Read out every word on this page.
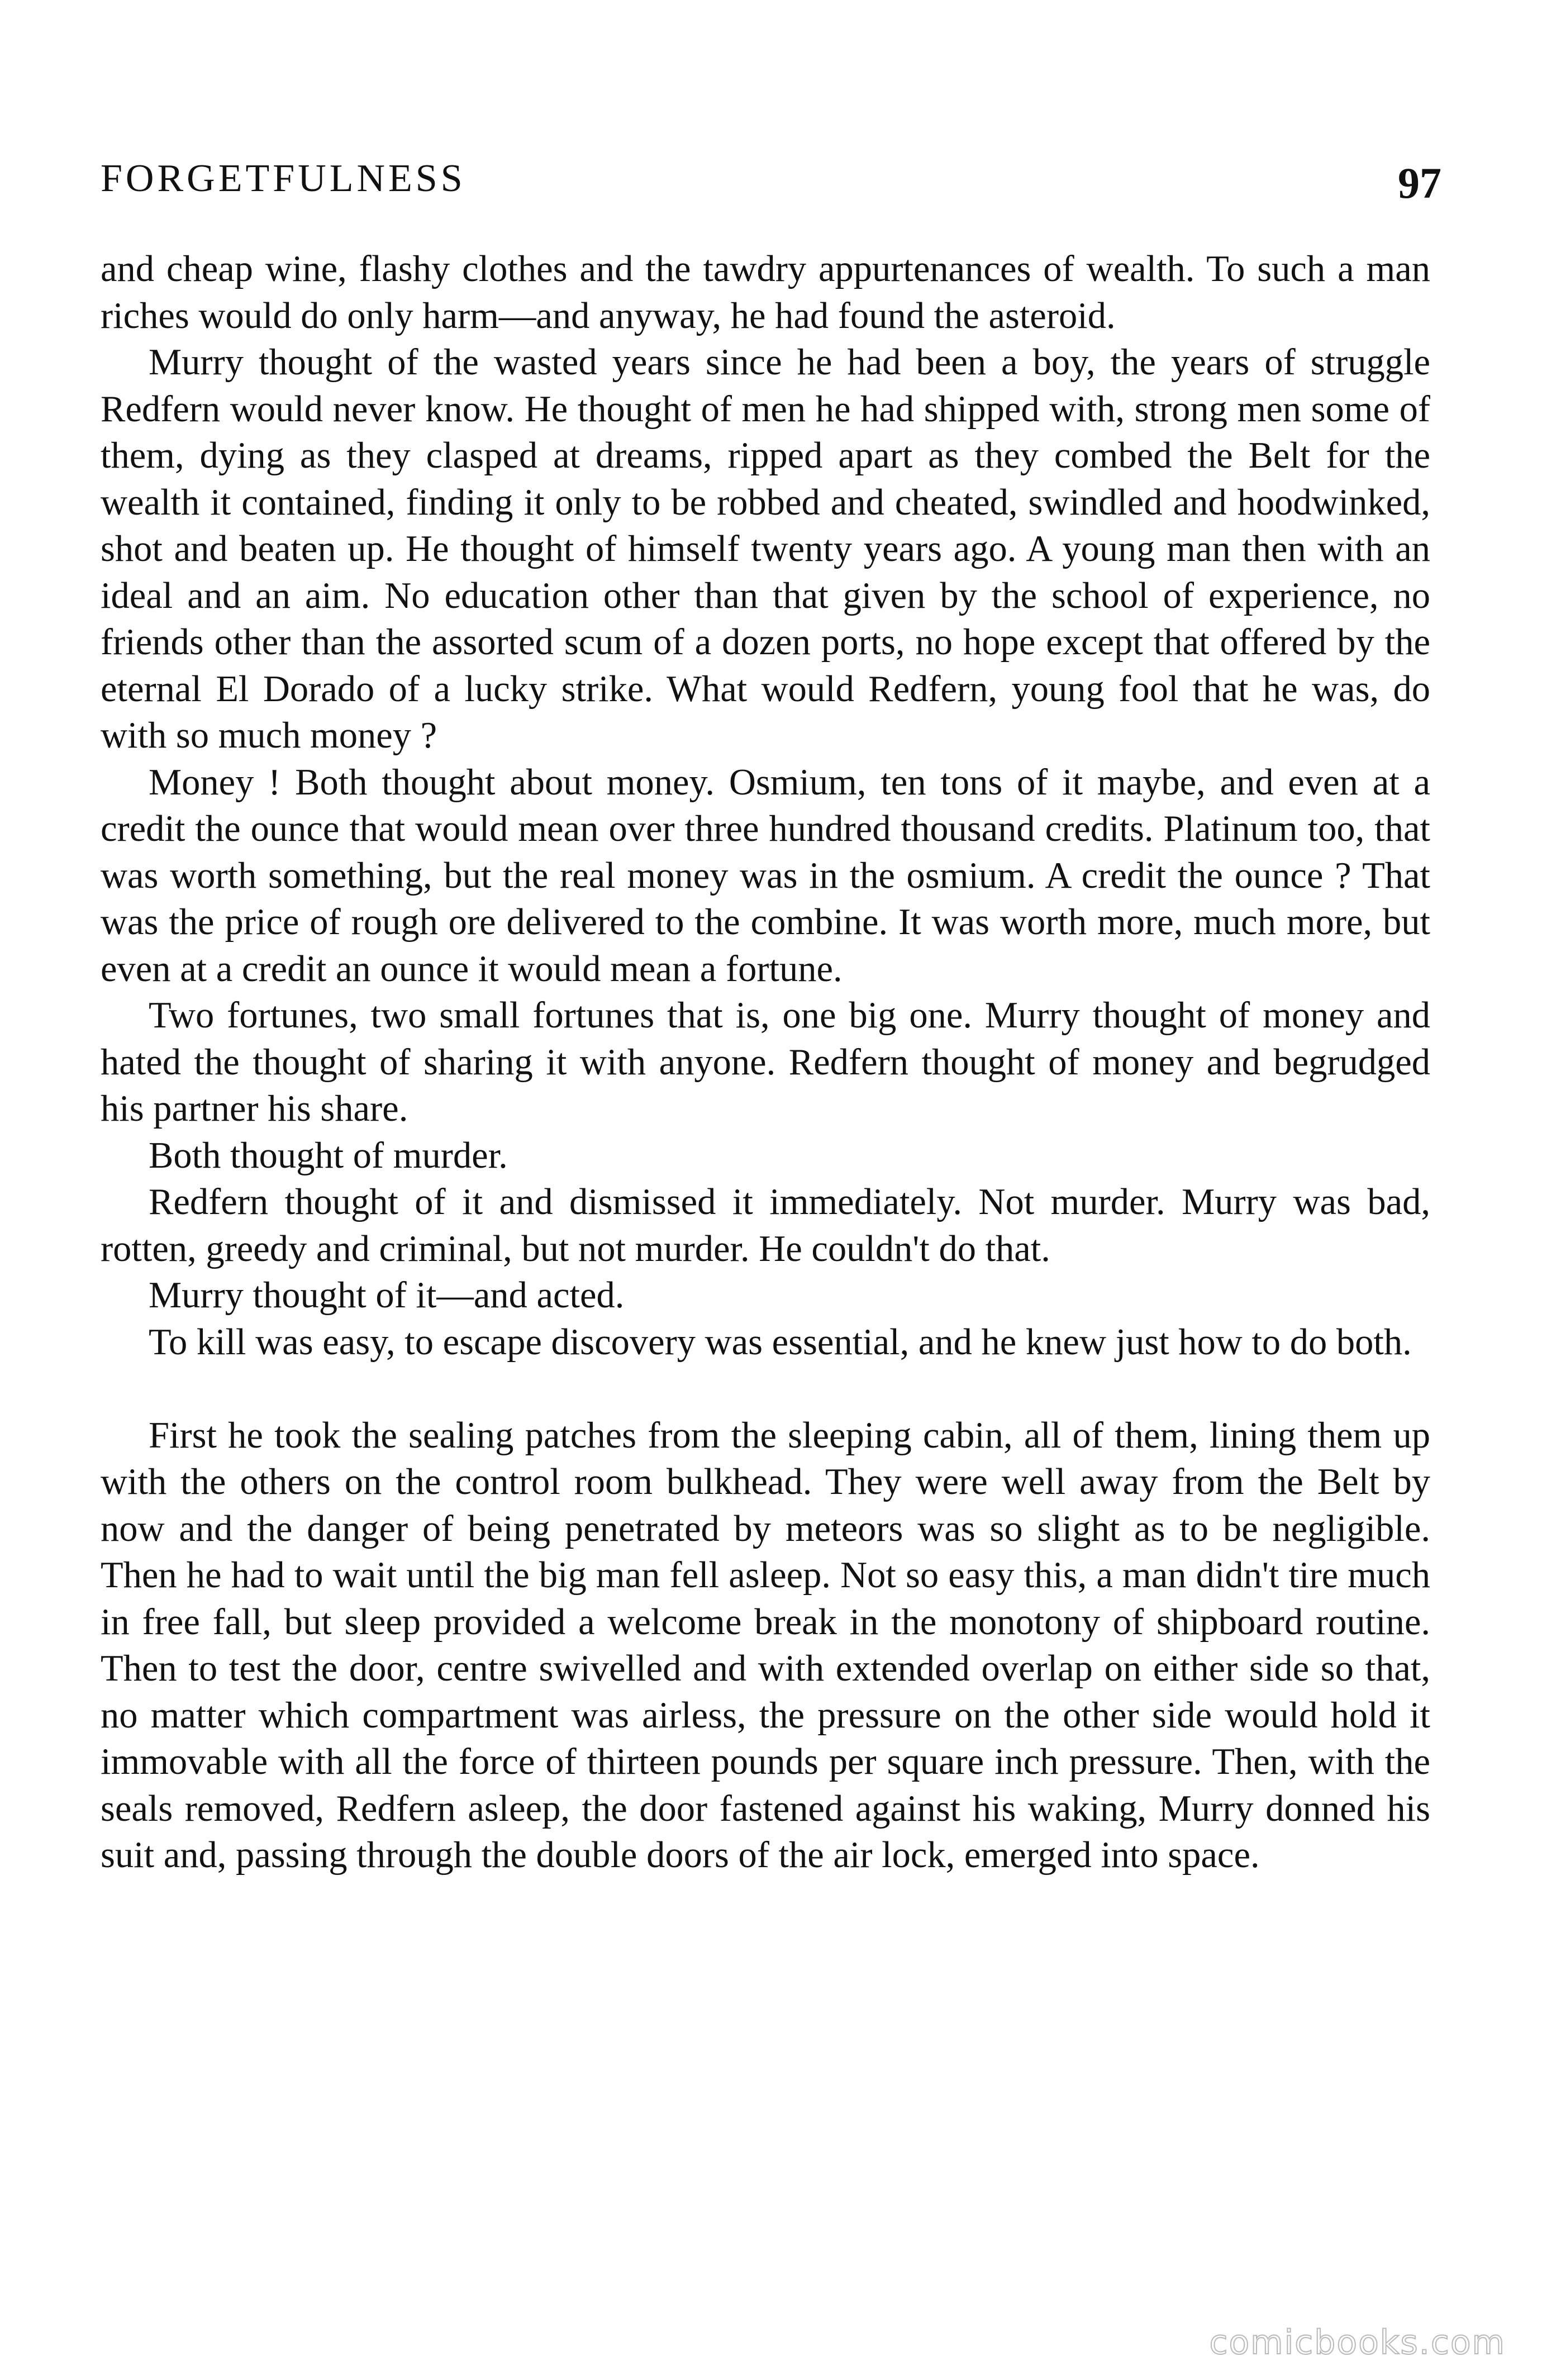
FORGETFULNESS	97

and cheap wine, flashy clothes and the tawdry appurtenances of wealth. To such a man riches would do only harm—and anyway, he had found the asteroid.

Murry thought of the wasted years since he had been a boy, the years of struggle Redfern would never know. He thought of men he had shipped with, strong men some of them, dying as they clasped at dreams, ripped apart as they combed the Belt for the wealth it contained, finding it only to be robbed and cheated, swindled and hoodwinked, shot and beaten up. He thought of himself twenty years ago. A young man then with an ideal and an aim. No education other than that given by the school of experience, no friends other than the assorted scum of a dozen ports, no hope except that offered by the eternal El Dorado of a lucky strike. What would Redfern, young fool that he was, do with so much money ?

Money ! Both thought about money. Osmium, ten tons of it maybe, and even at a credit the ounce that would mean over three hundred thousand credits. Platinum too, that was worth something, but the real money was in the osmium. A credit the ounce ? That was the price of rough ore delivered to the combine. It was worth more, much more, but even at a credit an ounce it would mean a fortune.

Two fortunes, two small fortunes that is, one big one. Murry thought of money and hated the thought of sharing it with anyone. Redfern thought of money and begrudged his partner his share.

Both thought of murder.

Redfern thought of it and dismissed it immediately. Not murder. Murry was bad, rotten, greedy and criminal, but not murder. He couldn't do that.

Murry thought of it—and acted.

To kill was easy, to escape discovery was essential, and he knew just how to do both.

First he took the sealing patches from the sleeping cabin, all of them, lining them up with the others on the control room bulkhead. They were well away from the Belt by now and the danger of being penetrated by meteors was so slight as to be negligible. Then he had to wait until the big man fell asleep. Not so easy this, a man didn't tire much in free fall, but sleep provided a welcome break in the monotony of shipboard routine. Then to test the door, centre swivelled and with extended overlap on either side so that, no matter which compartment was airless, the pressure on the other side would hold it immovable with all the force of thirteen pounds per square inch pressure. Then, with the seals removed, Redfern asleep, the door fastened against his waking, Murry donned his suit and, passing through the double doors of the air lock, emerged into space.

comicbooks.com
